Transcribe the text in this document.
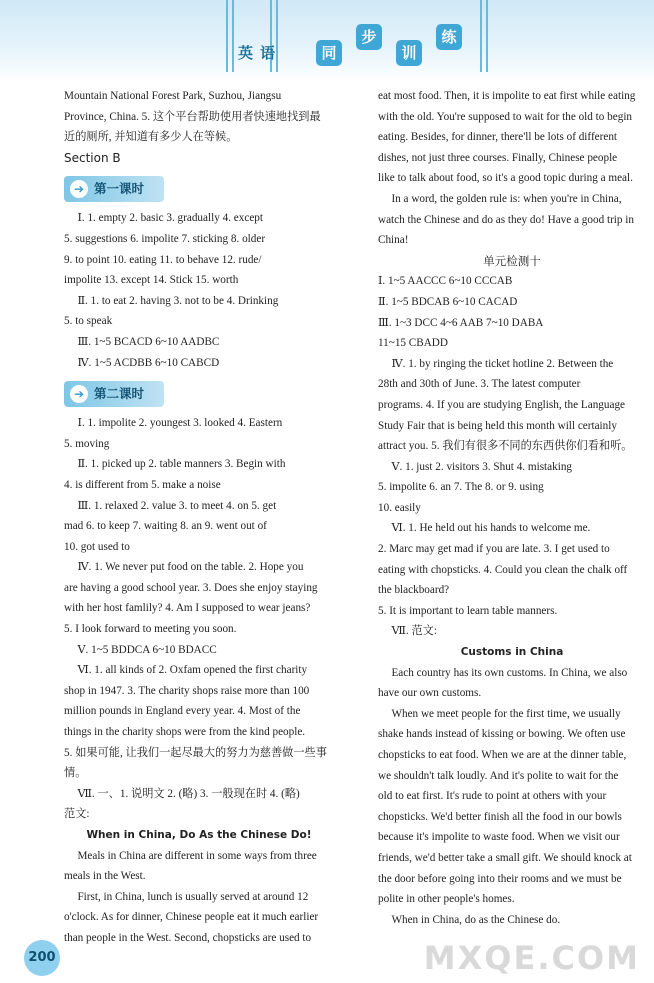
英 语	同
步
训
练

Mountain National Forest Park, Suzhou, Jiangsu

Province, China. 5. 这个平台帮助使用者快速地找到最

近的厕所, 并知道有多少人在等候。

Section B

➔ 第一课时

Ⅰ. 1. empty 2. basic 3. gradually 4. except

5. suggestions 6. impolite 7. sticking 8. older

9. to point 10. eating 11. to behave 12. rude/

impolite 13. except 14. Stick 15. worth

Ⅱ. 1. to eat 2. having 3. not to be 4. Drinking

5. to speak

Ⅲ. 1~5 BCACD 6~10 AADBC

Ⅳ. 1~5 ACDBB 6~10 CABCD

➔ 第二课时

Ⅰ. 1. impolite 2. youngest 3. looked 4. Eastern

5. moving

Ⅱ. 1. picked up 2. table manners 3. Begin with

4. is different from 5. make a noise

Ⅲ. 1. relaxed 2. value 3. to meet 4. on 5. get

mad 6. to keep 7. waiting 8. an 9. went out of

10. got used to

Ⅳ. 1. We never put food on the table. 2. Hope you

are having a good school year. 3. Does she enjoy staying

with her host famlily? 4. Am I supposed to wear jeans?

5. I look forward to meeting you soon.

Ⅴ. 1~5 BDDCA 6~10 BDACC

Ⅵ. 1. all kinds of 2. Oxfam opened the first charity

shop in 1947. 3. The charity shops raise more than 100

million pounds in England every year. 4. Most of the

things in the charity shops were from the kind people.

5. 如果可能, 让我们一起尽最大的努力为慈善做一些事情。

Ⅶ. 一、1. 说明文 2. (略) 3. 一般现在时 4. (略)

范文:

When in China, Do As the Chinese Do!

Meals in China are different in some ways from three

meals in the West.

First, in China, lunch is usually served at around 12

o'clock. As for dinner, Chinese people eat it much earlier

than people in the West. Second, chopsticks are used to

eat most food. Then, it is impolite to eat first while eating

with the old. You're supposed to wait for the old to begin

eating. Besides, for dinner, there'll be lots of different

dishes, not just three courses. Finally, Chinese people

like to talk about food, so it's a good topic during a meal.

In a word, the golden rule is: when you're in China,

watch the Chinese and do as they do! Have a good trip in

China!

单元检测十

Ⅰ. 1~5 AACCC 6~10 CCCAB

Ⅱ. 1~5 BDCAB 6~10 CACAD

Ⅲ. 1~3 DCC 4~6 AAB 7~10 DABA

11~15 CBADD

Ⅳ. 1. by ringing the ticket hotline 2. Between the

28th and 30th of June. 3. The latest computer

programs. 4. If you are studying English, the Language

Study Fair that is being held this month will certainly

attract you. 5. 我们有很多不同的东西供你们看和听。

Ⅴ. 1. just 2. visitors 3. Shut 4. mistaking

5. impolite 6. an 7. The 8. or 9. using

10. easily

Ⅵ. 1. He held out his hands to welcome me.

2. Marc may get mad if you are late. 3. I get used to

eating with chopsticks. 4. Could you clean the chalk off

the blackboard?

5. It is important to learn table manners.

Ⅶ. 范文:

Customs in China

Each country has its own customs. In China, we also

have our own customs.

When we meet people for the first time, we usually

shake hands instead of kissing or bowing. We often use

chopsticks to eat food. When we are at the dinner table,

we shouldn't talk loudly. And it's polite to wait for the

old to eat first. It's rude to point at others with your

chopsticks. We'd better finish all the food in our bowls

because it's impolite to waste food. When we visit our

friends, we'd better take a small gift. We should knock at

the door before going into their rooms and we must be

polite in other people's homes.

When in China, do as the Chinese do.

200	MXQE.COM
